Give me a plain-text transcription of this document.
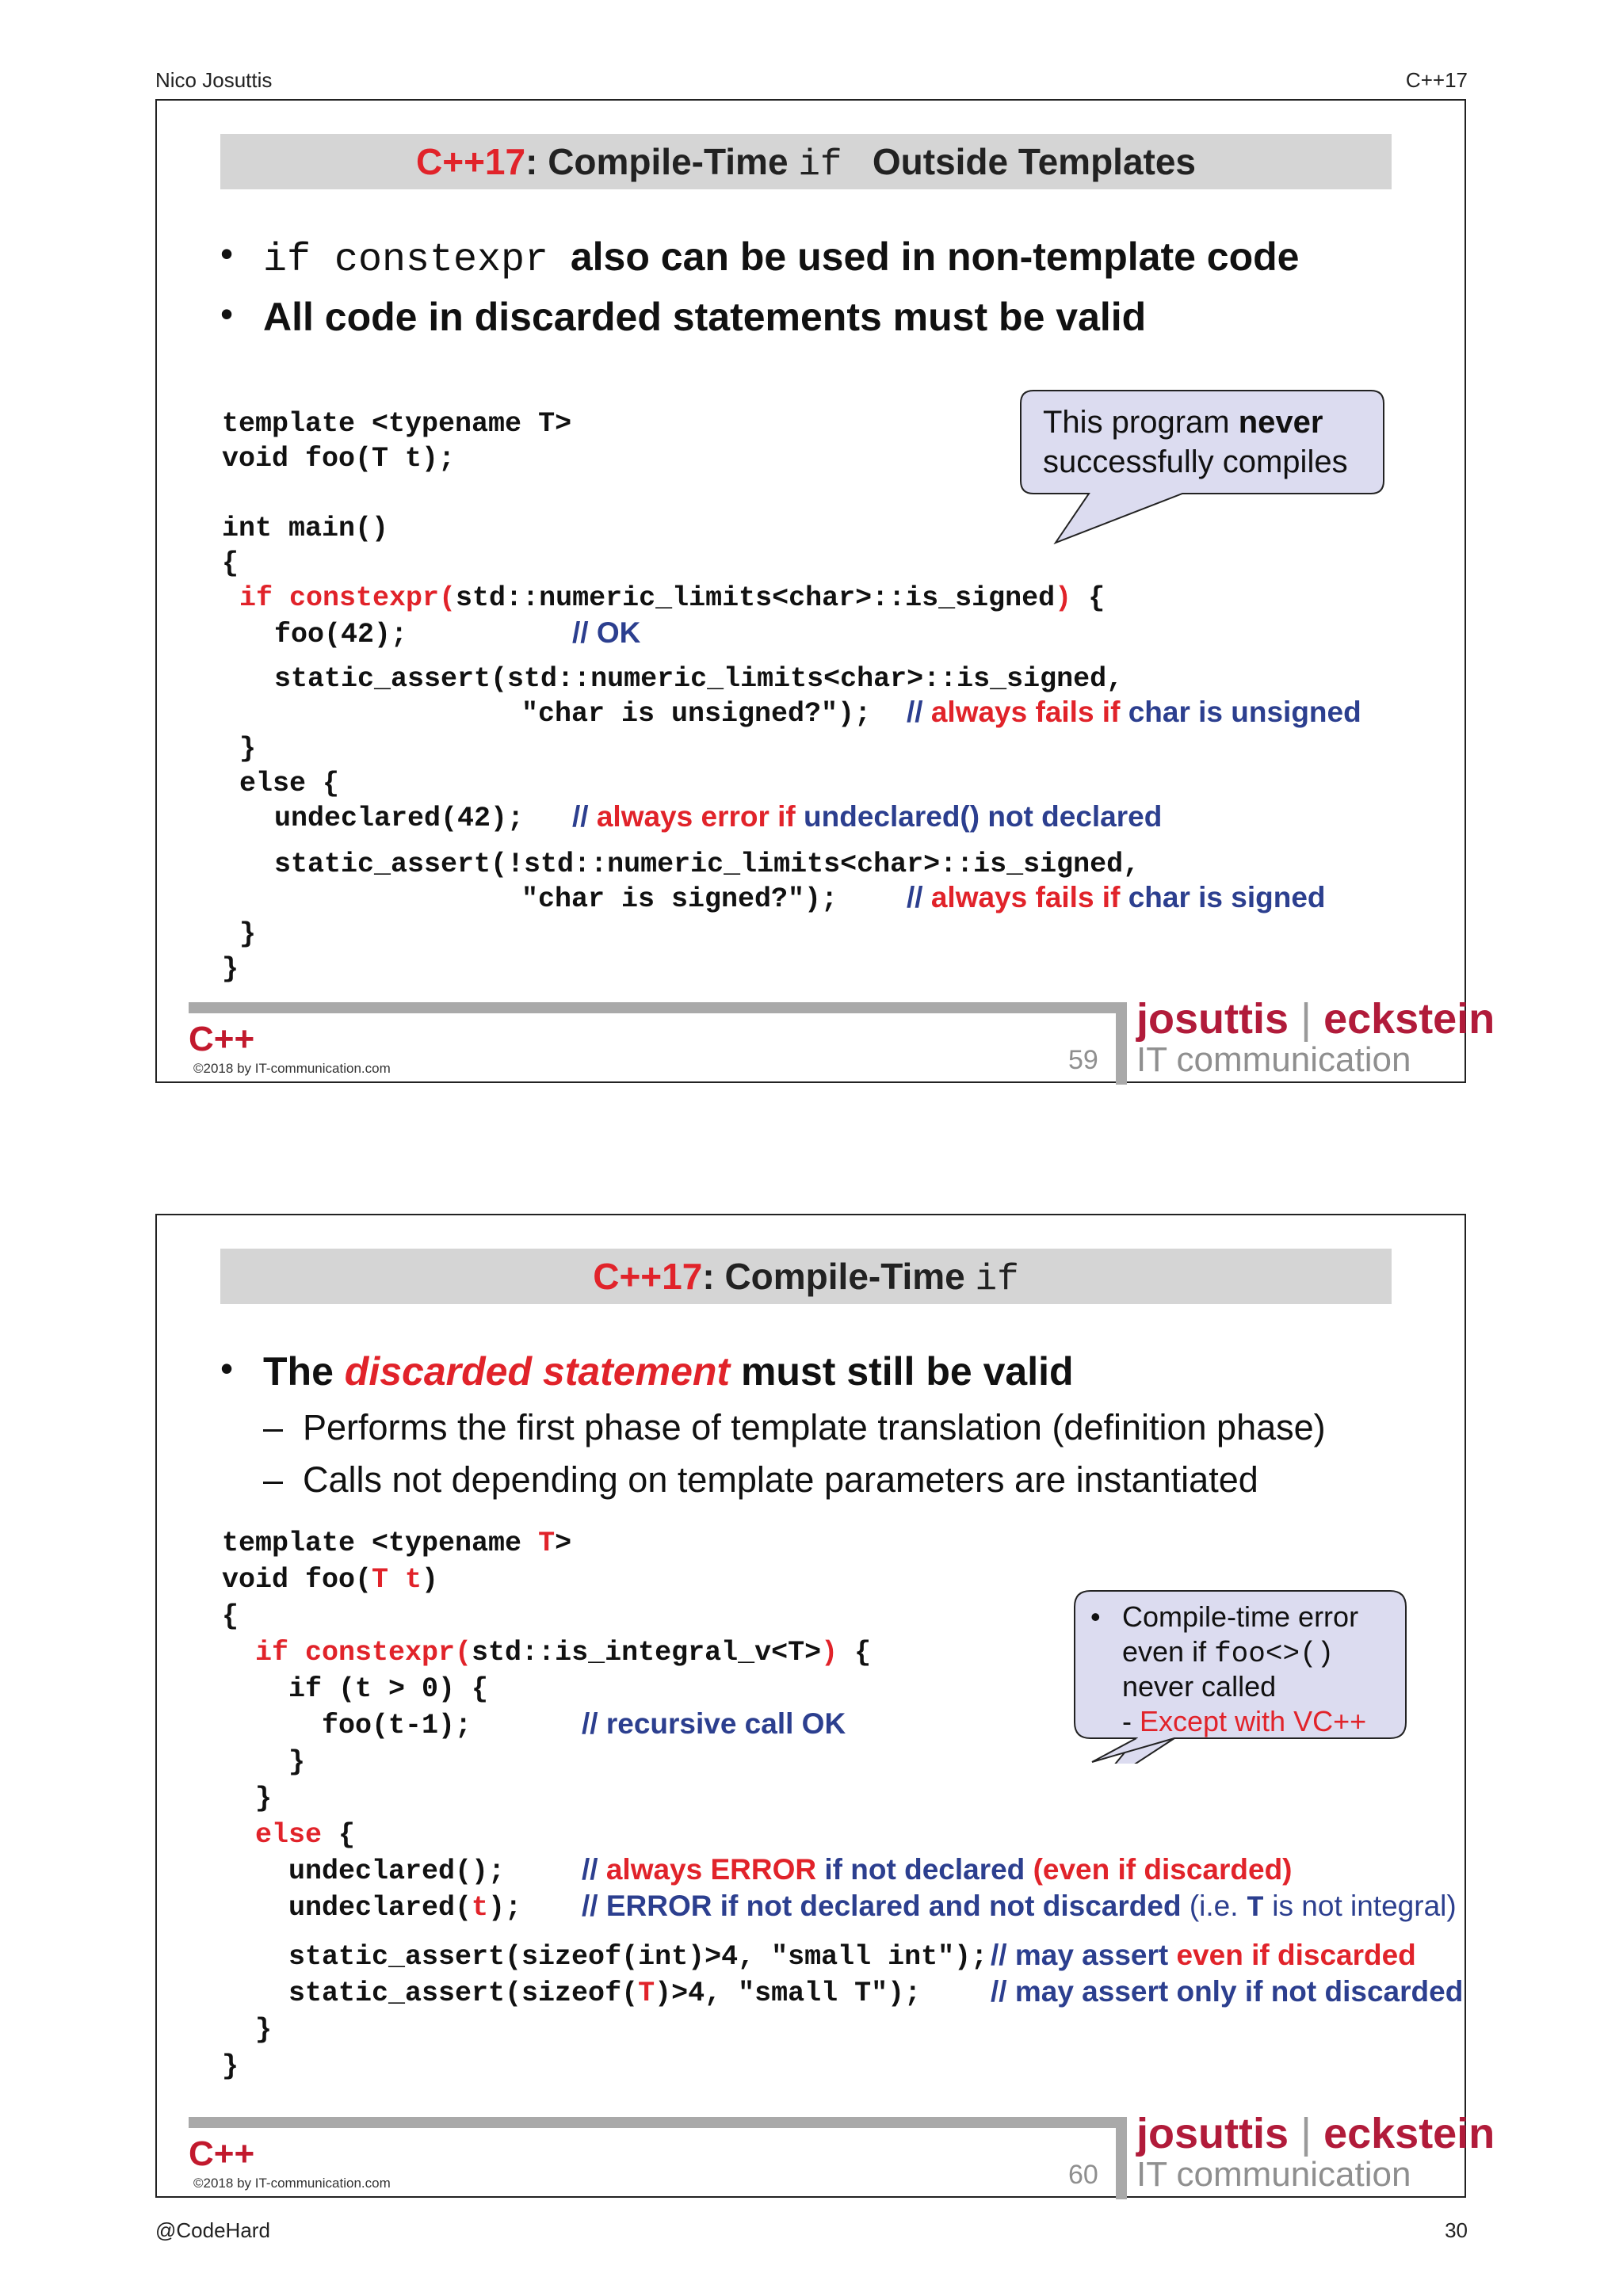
Nico Josuttis	C++17
C++17: Compile-Time if Outside Templates
• if constexpr also can be used in non-template code
• All code in discarded statements must be valid
This program never
successfully compiles
template <typename T>
void foo(T t);
int main()
{
if constexpr(std::numeric_limits<char>::is_signed) {
foo(42);	// OK
static_assert(std::numeric_limits<char>::is_signed,
"char is unsigned?"); // always fails if char is unsigned
}
else {
undeclared(42); // always error if undeclared() not declared
static_assert(!std::numeric_limits<char>::is_signed,
"char is signed?"); // always fails if char is signed
}
}
C++
©2018 by IT-communication.com	59
josuttis | eckstein
IT communication
C++17: Compile-Time if
• The discarded statement must still be valid
– Performs the first phase of template translation (definition phase)
– Calls not depending on template parameters are instantiated
• Compile-time error
even if foo<>()
never called
- Except with VC++
template <typename T>
void foo(T t)
{
if constexpr(std::is_integral_v<T>) {
if (t > 0) {
foo(t-1);	// recursive call OK
}
}
else {
undeclared();	// always ERROR if not declared (even if discarded)
undeclared(t); // ERROR if not declared and not discarded (i.e. T is not integral)
static_assert(sizeof(int)>4, "small int"); // may assert even if discarded
static_assert(sizeof(T)>4, "small T"); // may assert only if not discarded
}
}
C++
©2018 by IT-communication.com	60
josuttis | eckstein
IT communication
@CodeHard	30
